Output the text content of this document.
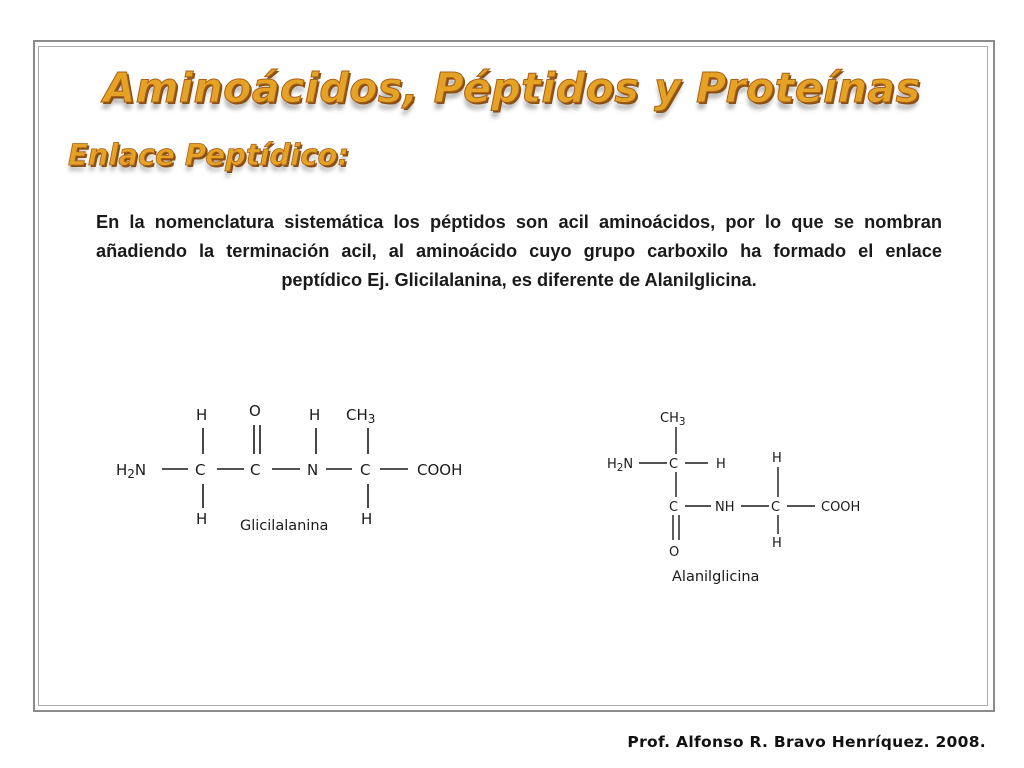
Aminoácidos, Péptidos y Proteínas
Enlace Peptídico:
En la nomenclatura sistemática los péptidos son acil aminoácidos, por lo que se nombran añadiendo la terminación acil, al aminoácido cuyo grupo carboxilo ha formado el enlace peptídico Ej. Glicilalanina, es diferente de Alanilglicina.
$H_2N$	C	C	N	C	COOH
H	O	H $CH_3$
H	H
Glicilalanina
$CH_3$
$H_2N$	C	H
C	NH	C	COOH
H
H
O
Alanilglicina
Prof. Alfonso R. Bravo Henríquez. 2008.
